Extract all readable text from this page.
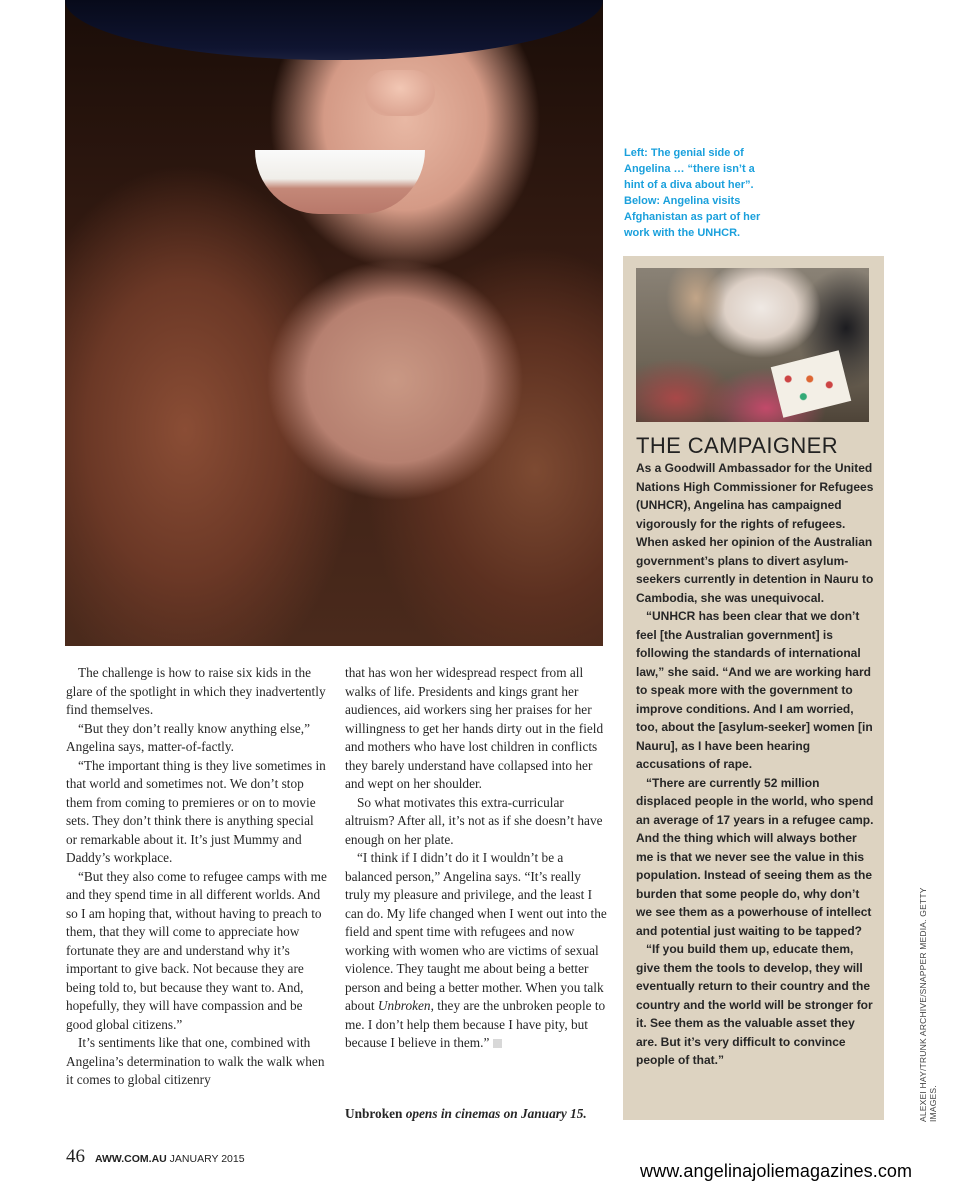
Left: The genial side of

Angelina … “there isn’t a

hint of a diva about her”.

Below: Angelina visits

Afghanistan as part of her

work with the UNHCR.

THE CAMPAIGNER

As a Goodwill Ambassador for the United Nations High Commissioner for Refugees (UNHCR), Angelina has campaigned vigorously for the rights of refugees. When asked her opinion of the Australian government’s plans to divert asylum-seekers currently in detention in Nauru to Cambodia, she was unequivocal.

“UNHCR has been clear that we don’t feel [the Australian government] is following the standards of international law,” she said. “And we are working hard to speak more with the government to improve conditions. And I am worried, too, about the [asylum-seeker] women [in Nauru], as I have been hearing accusations of rape.

“There are currently 52 million displaced people in the world, who spend an average of 17 years in a refugee camp. And the thing which will always bother me is that we never see the value in this population. Instead of seeing them as the burden that some people do, why don’t we see them as a powerhouse of intellect and potential just waiting to be tapped?

“If you build them up, educate them, give them the tools to develop, they will eventually return to their country and the country and the world will be stronger for it. See them as the valuable asset they are. But it’s very difficult to convince people of that.”

The challenge is how to raise six kids in the glare of the spotlight in which they inadvertently find themselves.

“But they don’t really know anything else,” Angelina says, matter-of-factly.

“The important thing is they live sometimes in that world and sometimes not. We don’t stop them from coming to premieres or on to movie sets. They don’t think there is anything special or remarkable about it. It’s just Mummy and Daddy’s workplace.

“But they also come to refugee camps with me and they spend time in all different worlds. And so I am hoping that, without having to preach to them, that they will come to appreciate how fortunate they are and understand why it’s important to give back. Not because they are being told to, but because they want to. And, hopefully, they will have compassion and be good global citizens.”

It’s sentiments like that one, combined with Angelina’s determination to walk the walk when it comes to global citizenry

that has won her widespread respect from all walks of life. Presidents and kings grant her audiences, aid workers sing her praises for her willingness to get her hands dirty out in the field and mothers who have lost children in conflicts they barely understand have collapsed into her and wept on her shoulder.

So what motivates this extra-curricular altruism? After all, it’s not as if she doesn’t have enough on her plate.

“I think if I didn’t do it I wouldn’t be a balanced person,” Angelina says. “It’s really truly my pleasure and privilege, and the least I can do. My life changed when I went out into the field and spent time with refugees and now working with women who are victims of sexual violence. They taught me about being a better person and being a better mother. When you talk about Unbroken, they are the unbroken people to me. I don’t help them because I have pity, but because I believe in them.”

Unbroken opens in cinemas on January 15.	ALEXEI HAY/TRUNK ARCHIVE/SNAPPER MEDIA. GETTY IMAGES.
46 AWW.COM.AU JANUARY 2015
www.angelinajoliemagazines.com
